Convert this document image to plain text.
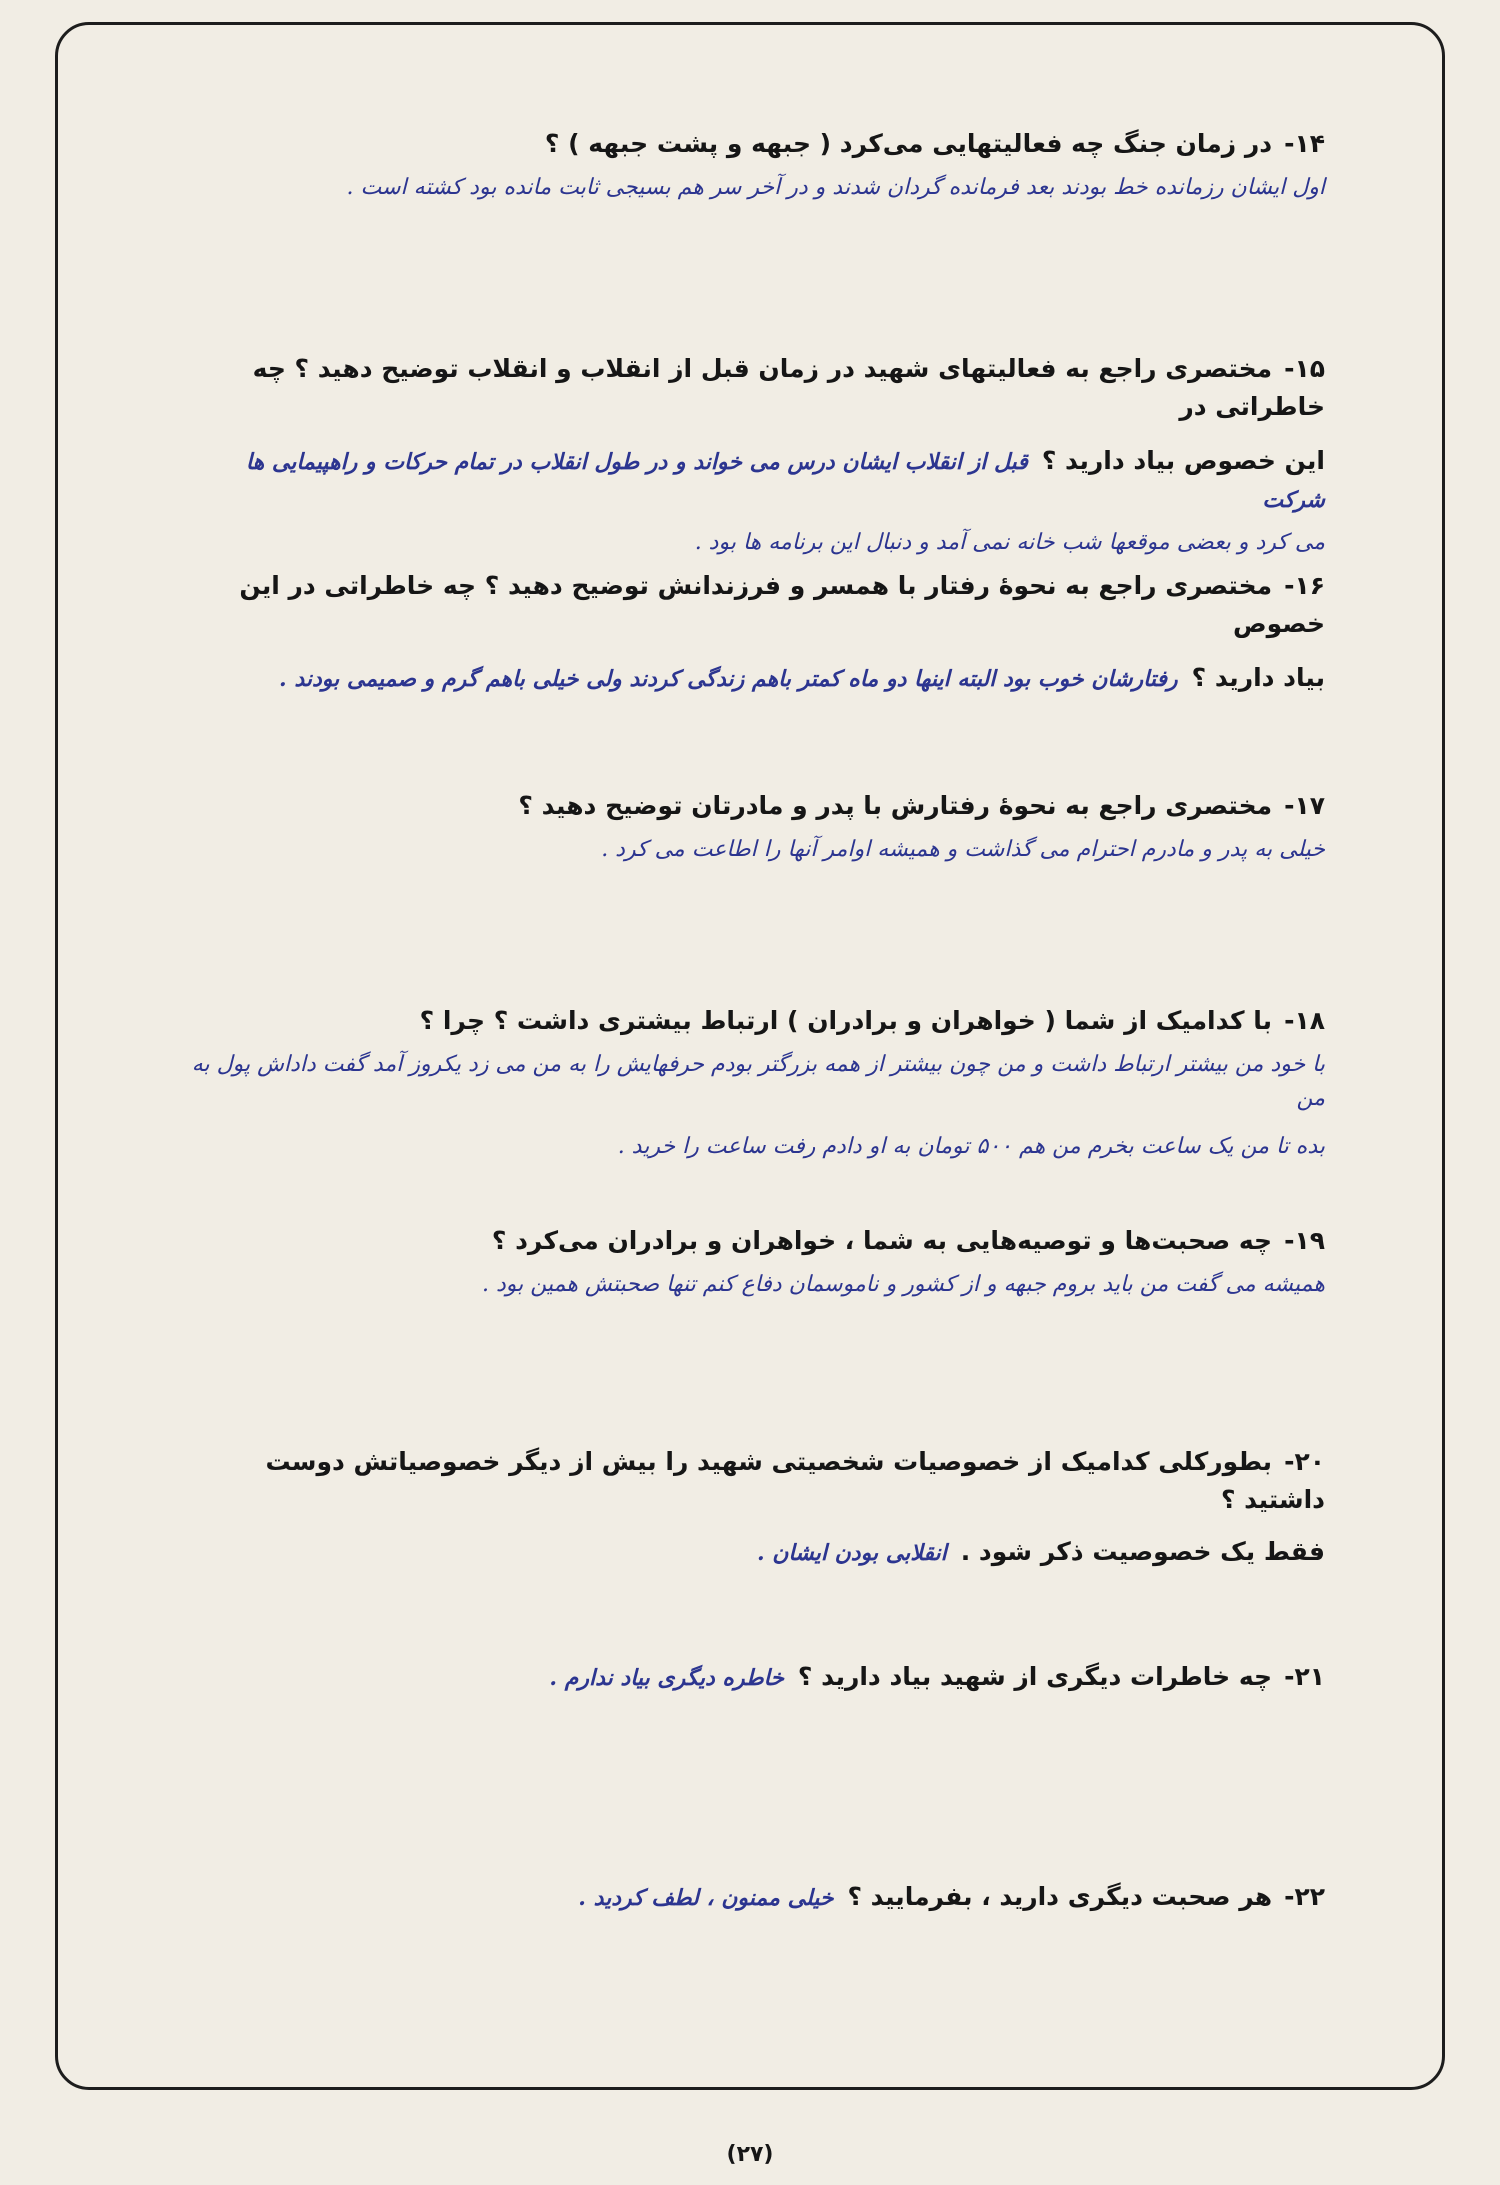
۱۴-در زمان جنگ چه فعالیتهایی می‌کرد ( جبهه و پشت جبهه ) ؟
اول ایشان رزمانده خط بودند بعد فرمانده گردان شدند و در آخر سر هم بسیجی ثابت مانده بود کشته است .
۱۵-مختصری راجع به فعالیتهای شهید در زمان قبل از انقلاب و انقلاب توضیح دهید ؟ چه خاطراتی در
این خصوص بیاد دارید ؟قبل از انقلاب ایشان درس می خواند و در طول انقلاب در تمام حرکات و راهپیمایی ها شرکت
می کرد و بعضی موقعها شب خانه نمی آمد و دنبال این برنامه ها بود .
۱۶-مختصری راجع به نحوهٔ رفتار با همسر و فرزندانش توضیح دهید ؟ چه خاطراتی در این خصوص
بیاد دارید ؟رفتارشان خوب بود البته اینها دو ماه کمتر باهم زندگی کردند ولی خیلی باهم گرم و صمیمی بودند .
۱۷-مختصری راجع به نحوهٔ رفتارش با پدر و مادرتان توضیح دهید ؟
خیلی به پدر و مادرم احترام می گذاشت و همیشه اوامر آنها را اطاعت می کرد .
۱۸-با کدامیک از شما ( خواهران و برادران ) ارتباط بیشتری داشت ؟ چرا ؟
با خود من بیشتر ارتباط داشت و من چون بیشتر از همه بزرگتر بودم حرفهایش را به من می زد یکروز آمد گفت داداش پول به من
بده تا من یک ساعت بخرم من هم ۵۰۰ تومان به او دادم رفت ساعت را خرید .
۱۹-چه صحبت‌ها و توصیه‌هایی به شما ، خواهران و برادران می‌کرد ؟
همیشه می گفت من باید بروم جبهه و از کشور و ناموسمان دفاع کنم تنها صحبتش همین بود .
۲۰-بطورکلی کدامیک از خصوصیات شخصیتی شهید را بیش از دیگر خصوصیاتش دوست داشتید ؟
فقط یک خصوصیت ذکر شود .انقلابی بودن ایشان .
۲۱-چه خاطرات دیگری از شهید بیاد دارید ؟خاطره دیگری بیاد ندارم .
۲۲-هر صحبت دیگری دارید ، بفرمایید ؟خیلی ممنون ، لطف کردید .
(۲۷)
